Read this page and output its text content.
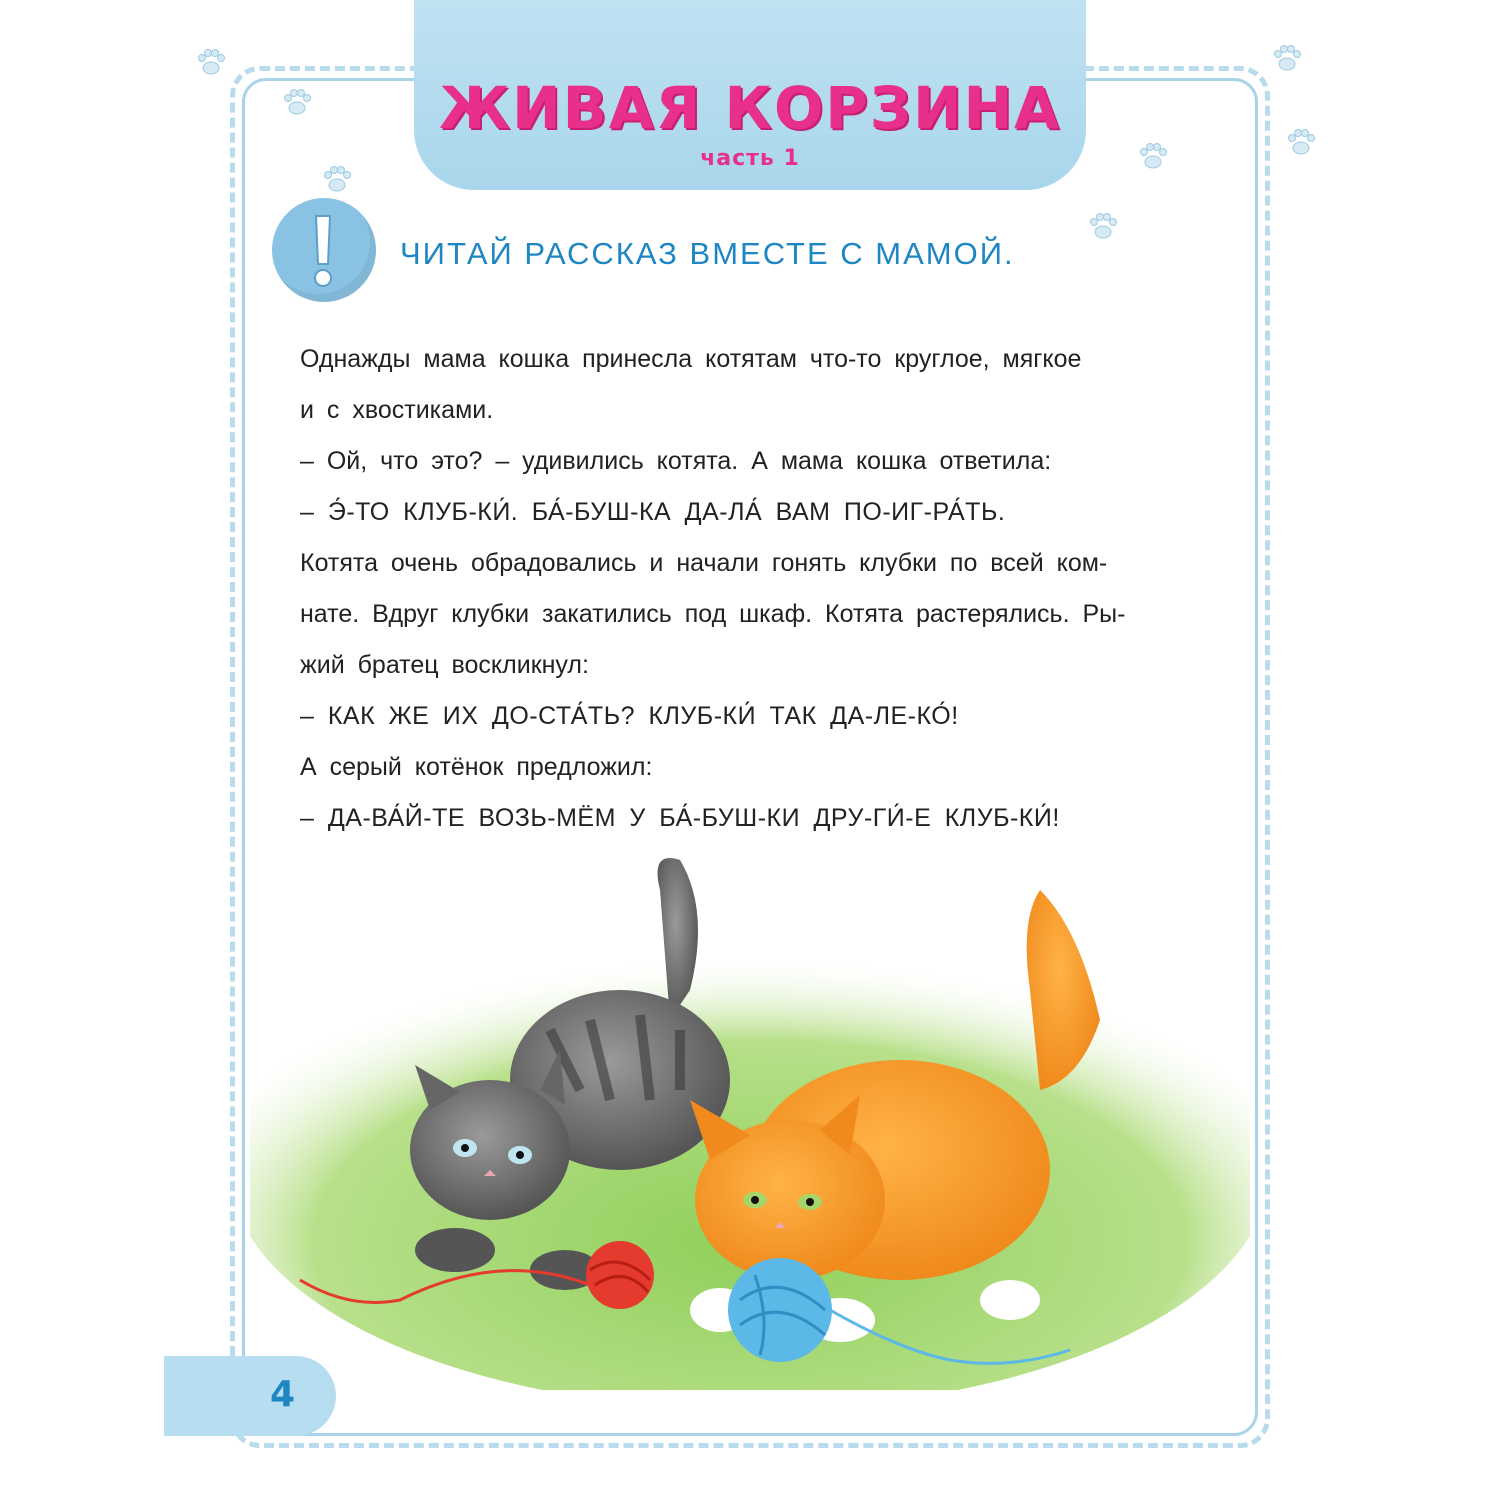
ЖИВАЯ КОРЗИНА
часть 1
ЧИТАЙ РАССКАЗ ВМЕСТЕ С МАМОЙ.

Однажды мама кошка принесла котятам что-то круглое, мягкое

и с хвостиками.

– Ой, что это? – удивились котята. А мама кошка ответила:

– Э́-ТО КЛУБ-КИ́. БА́-БУШ-КА ДА-ЛА́ ВАМ ПО-ИГ-РА́ТЬ.

Котята очень обрадовались и начали гонять клубки по всей ком-

нате. Вдруг клубки закатились под шкаф. Котята растерялись. Ры-

жий братец воскликнул:

– КАК ЖЕ ИХ ДО-СТА́ТЬ? КЛУБ-КИ́ ТАК ДА-ЛЕ-КО́!

А серый котёнок предложил:

– ДА-ВА́Й-ТЕ ВОЗЬ-МЁМ У БА́-БУШ-КИ ДРУ-ГИ́-Е КЛУБ-КИ́!

4
